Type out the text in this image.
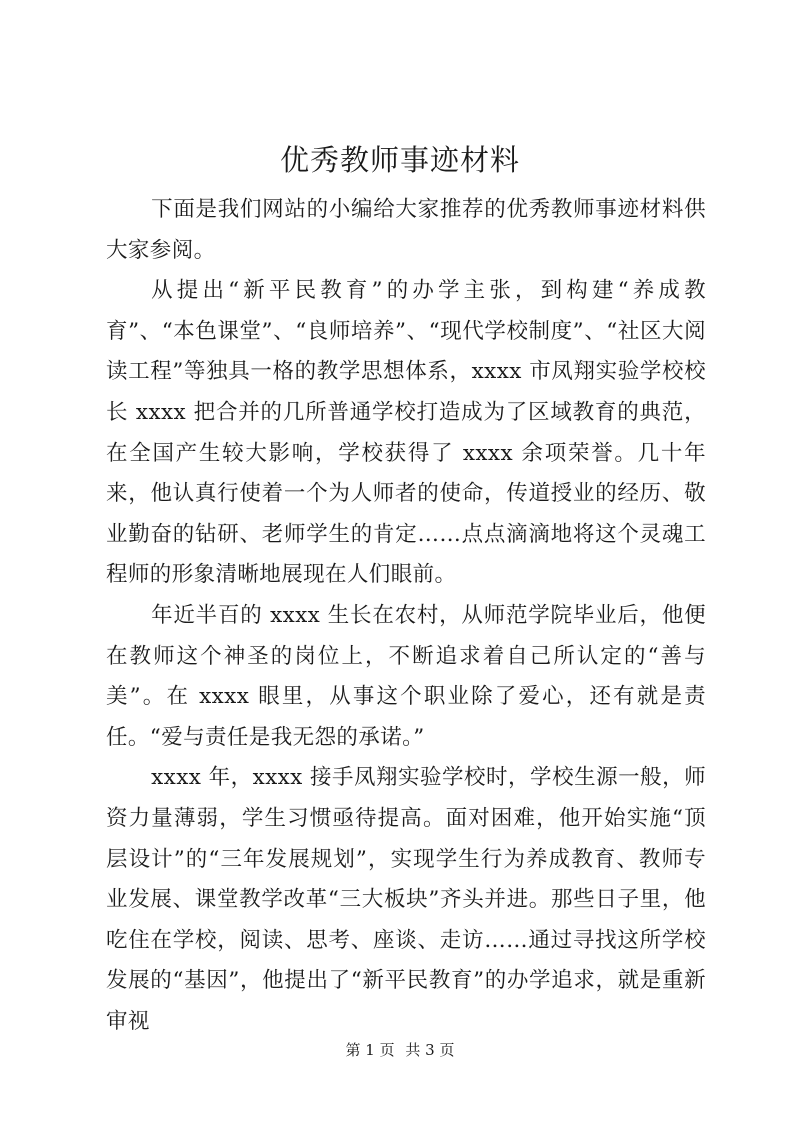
优秀教师事迹材料

下面是我们网站的小编给大家推荐的优秀教师事迹材料供大家参阅。

从提出“新平民教育”的办学主张，到构建“养成教育”、“本色课堂”、“良师培养”、“现代学校制度”、“社区大阅读工程”等独具一格的教学思想体系，xxxx 市凤翔实验学校校长 xxxx 把合并的几所普通学校打造成为了区域教育的典范，在全国产生较大影响，学校获得了 xxxx 余项荣誉。几十年来，他认真行使着一个为人师者的使命，传道授业的经历、敬业勤奋的钻研、老师学生的肯定……点点滴滴地将这个灵魂工程师的形象清晰地展现在人们眼前。

年近半百的 xxxx 生长在农村，从师范学院毕业后，他便在教师这个神圣的岗位上，不断追求着自己所认定的“善与美”。在 xxxx 眼里，从事这个职业除了爱心，还有就是责任。“爱与责任是我无怨的承诺。”

xxxx 年，xxxx 接手凤翔实验学校时，学校生源一般，师资力量薄弱，学生习惯亟待提高。面对困难，他开始实施“顶层设计”的“三年发展规划”，实现学生行为养成教育、教师专业发展、课堂教学改革“三大板块”齐头并进。那些日子里，他吃住在学校，阅读、思考、座谈、走访……通过寻找这所学校发展的“基因”，他提出了“新平民教育”的办学追求，就是重新审视

第 1 页 共 3 页
